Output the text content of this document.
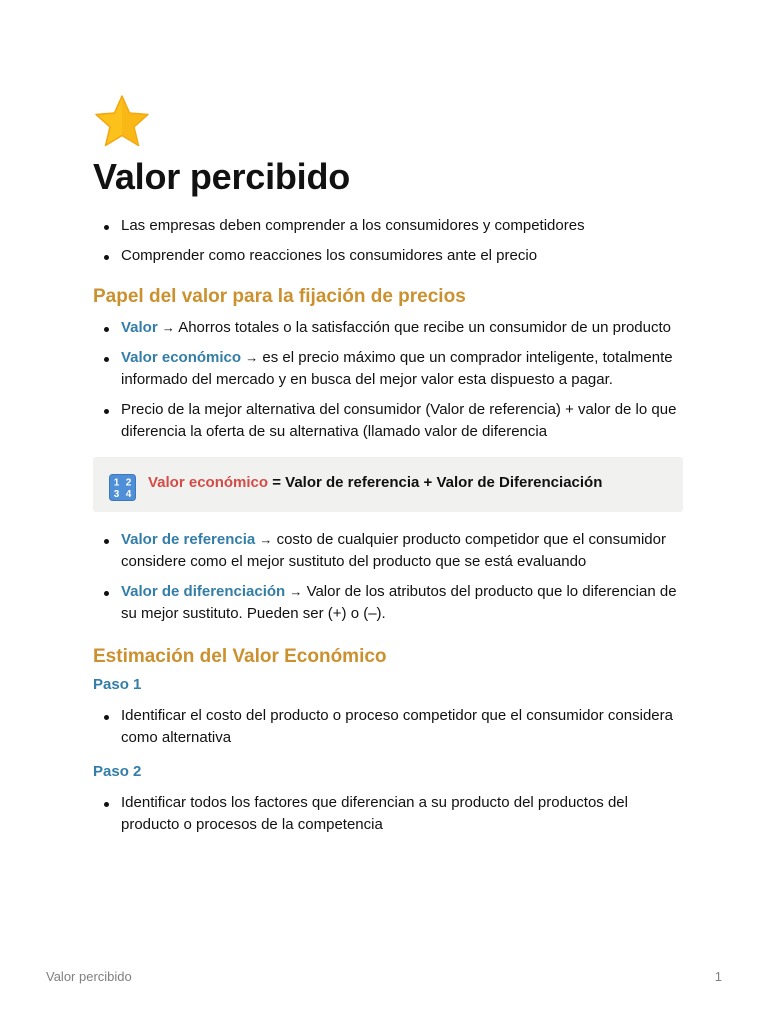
Valor percibido
Las empresas deben comprender a los consumidores y competidores
Comprender como reacciones los consumidores ante el precio
Papel del valor para la fijación de precios
Valor → Ahorros totales o la satisfacción que recibe un consumidor de un producto
Valor económico → es el precio máximo que un comprador inteligente, totalmente informado del mercado y en busca del mejor valor esta dispuesto a pagar.
Precio de la mejor alternativa del consumidor (Valor de referencia) + valor de lo que diferencia la oferta de su alternativa (llamado valor de diferencia
1 2
3 4
Valor económico = Valor de referencia + Valor de Diferenciación
Valor de referencia → costo de cualquier producto competidor que el consumidor considere como el mejor sustituto del producto que se está evaluando
Valor de diferenciación → Valor de los atributos del producto que lo diferencian de su mejor sustituto. Pueden ser (+) o (–).
Estimación del Valor Económico
Paso 1
Identificar el costo del producto o proceso competidor que el consumidor considera como alternativa
Paso 2
Identificar todos los factores que diferencian a su producto del productos del producto o procesos de la competencia
Valor percibido	1
